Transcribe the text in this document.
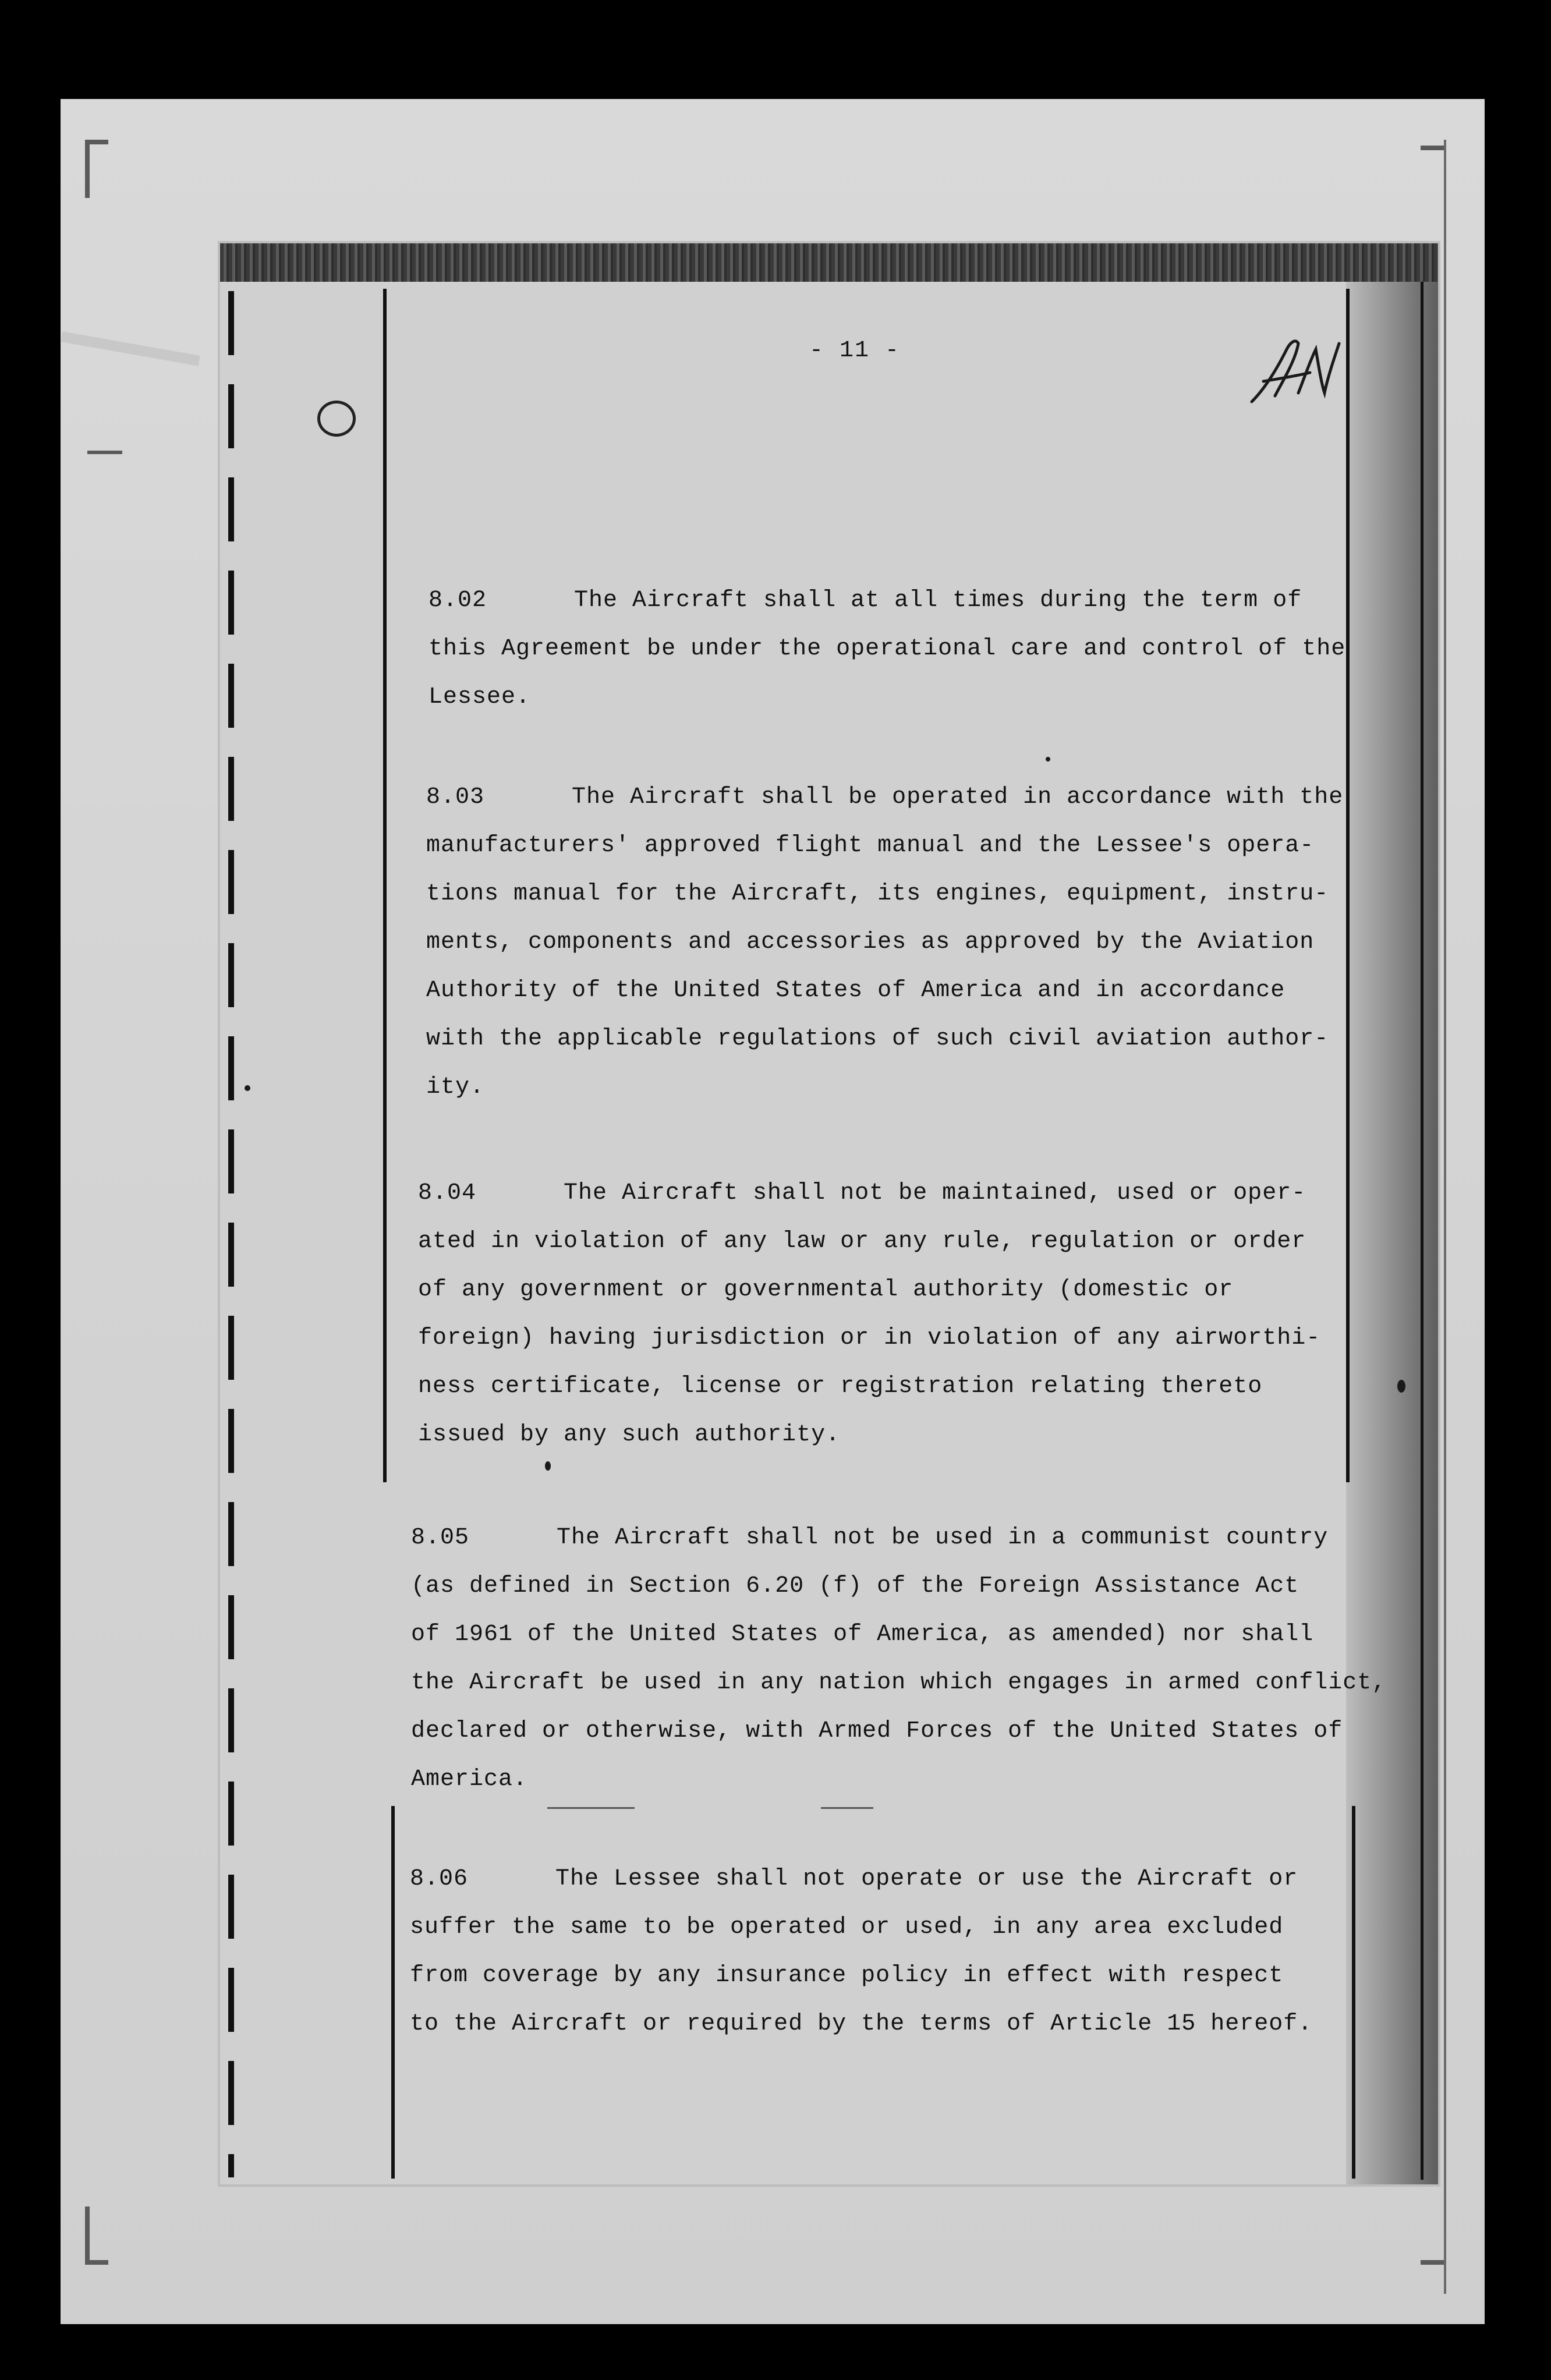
- 11 -
8.02	The Aircraft shall at all times during the term of
this Agreement be under the operational care and control of the
Lessee.
8.03	The Aircraft shall be operated in accordance with the
manufacturers' approved flight manual and the Lessee's opera-
tions manual for the Aircraft, its engines, equipment, instru-
ments, components and accessories as approved by the Aviation
Authority of the United States of America and in accordance
with the applicable regulations of such civil aviation author-
ity.
8.04	The Aircraft shall not be maintained, used or oper-
ated in violation of any law or any rule, regulation or order
of any government or governmental authority (domestic or
foreign) having jurisdiction or in violation of any airworthi-
ness certificate, license or registration relating thereto
issued by any such authority.
8.05	The Aircraft shall not be used in a communist country
(as defined in Section 6.20 (f) of the Foreign Assistance Act
of 1961 of the United States of America, as amended) nor shall
the Aircraft be used in any nation which engages in armed conflict,
declared or otherwise, with Armed Forces of the United States of
America.
8.06	The Lessee shall not operate or use the Aircraft or
suffer the same to be operated or used, in any area excluded
from coverage by any insurance policy in effect with respect
to the Aircraft or required by the terms of Article 15 hereof.
